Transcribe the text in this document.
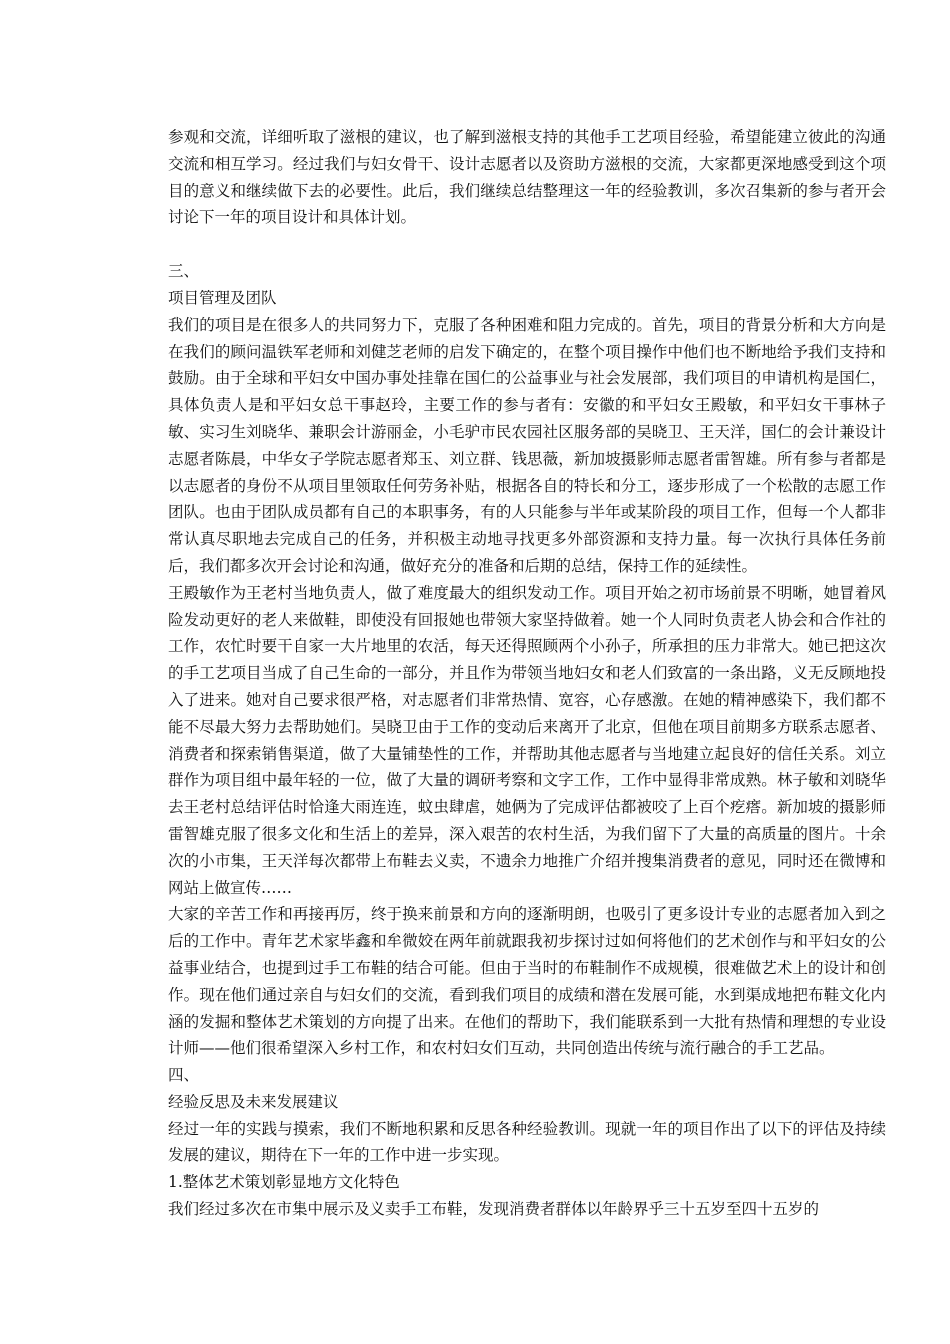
参观和交流，详细听取了滋根的建议，也了解到滋根支持的其他手工艺项目经验，希望能建立彼此的沟通交流和相互学习。经过我们与妇女骨干、设计志愿者以及资助方滋根的交流，大家都更深地感受到这个项目的意义和继续做下去的必要性。此后，我们继续总结整理这一年的经验教训，多次召集新的参与者开会讨论下一年的项目设计和具体计划。

三、

项目管理及团队

我们的项目是在很多人的共同努力下，克服了各种困难和阻力完成的。首先，项目的背景分析和大方向是在我们的顾问温铁军老师和刘健芝老师的启发下确定的，在整个项目操作中他们也不断地给予我们支持和鼓励。由于全球和平妇女中国办事处挂靠在国仁的公益事业与社会发展部，我们项目的申请机构是国仁，具体负责人是和平妇女总干事赵玲，主要工作的参与者有：安徽的和平妇女王殿敏，和平妇女干事林子敏、实习生刘晓华、兼职会计游丽金，小毛驴市民农园社区服务部的吴晓卫、王天洋，国仁的会计兼设计志愿者陈晨，中华女子学院志愿者郑玉、刘立群、钱思薇，新加坡摄影师志愿者雷智雄。所有参与者都是以志愿者的身份不从项目里领取任何劳务补贴，根据各自的特长和分工，逐步形成了一个松散的志愿工作团队。也由于团队成员都有自己的本职事务，有的人只能参与半年或某阶段的项目工作，但每一个人都非常认真尽职地去完成自己的任务，并积极主动地寻找更多外部资源和支持力量。每一次执行具体任务前后，我们都多次开会讨论和沟通，做好充分的准备和后期的总结，保持工作的延续性。

王殿敏作为王老村当地负责人，做了难度最大的组织发动工作。项目开始之初市场前景不明晰，她冒着风险发动更好的老人来做鞋，即使没有回报她也带领大家坚持做着。她一个人同时负责老人协会和合作社的工作，农忙时要干自家一大片地里的农活，每天还得照顾两个小孙子，所承担的压力非常大。她已把这次的手工艺项目当成了自己生命的一部分，并且作为带领当地妇女和老人们致富的一条出路，义无反顾地投入了进来。她对自己要求很严格，对志愿者们非常热情、宽容，心存感激。在她的精神感染下，我们都不能不尽最大努力去帮助她们。吴晓卫由于工作的变动后来离开了北京，但他在项目前期多方联系志愿者、消费者和探索销售渠道，做了大量铺垫性的工作，并帮助其他志愿者与当地建立起良好的信任关系。刘立群作为项目组中最年轻的一位，做了大量的调研考察和文字工作，工作中显得非常成熟。林子敏和刘晓华去王老村总结评估时恰逢大雨连连，蚊虫肆虐，她俩为了完成评估都被咬了上百个疙瘩。新加坡的摄影师雷智雄克服了很多文化和生活上的差异，深入艰苦的农村生活，为我们留下了大量的高质量的图片。十余次的小市集，王天洋每次都带上布鞋去义卖，不遗余力地推广介绍并搜集消费者的意见，同时还在微博和网站上做宣传……

大家的辛苦工作和再接再厉，终于换来前景和方向的逐渐明朗，也吸引了更多设计专业的志愿者加入到之后的工作中。青年艺术家毕鑫和牟微姣在两年前就跟我初步探讨过如何将他们的艺术创作与和平妇女的公益事业结合，也提到过手工布鞋的结合可能。但由于当时的布鞋制作不成规模，很难做艺术上的设计和创作。现在他们通过亲自与妇女们的交流，看到我们项目的成绩和潜在发展可能，水到渠成地把布鞋文化内涵的发掘和整体艺术策划的方向提了出来。在他们的帮助下，我们能联系到一大批有热情和理想的专业设计师——他们很希望深入乡村工作，和农村妇女们互动，共同创造出传统与流行融合的手工艺品。

四、

经验反思及未来发展建议

经过一年的实践与摸索，我们不断地积累和反思各种经验教训。现就一年的项目作出了以下的评估及持续发展的建议，期待在下一年的工作中进一步实现。

1.整体艺术策划彰显地方文化特色

我们经过多次在市集中展示及义卖手工布鞋，发现消费者群体以年龄界乎三十五岁至四十五岁的
